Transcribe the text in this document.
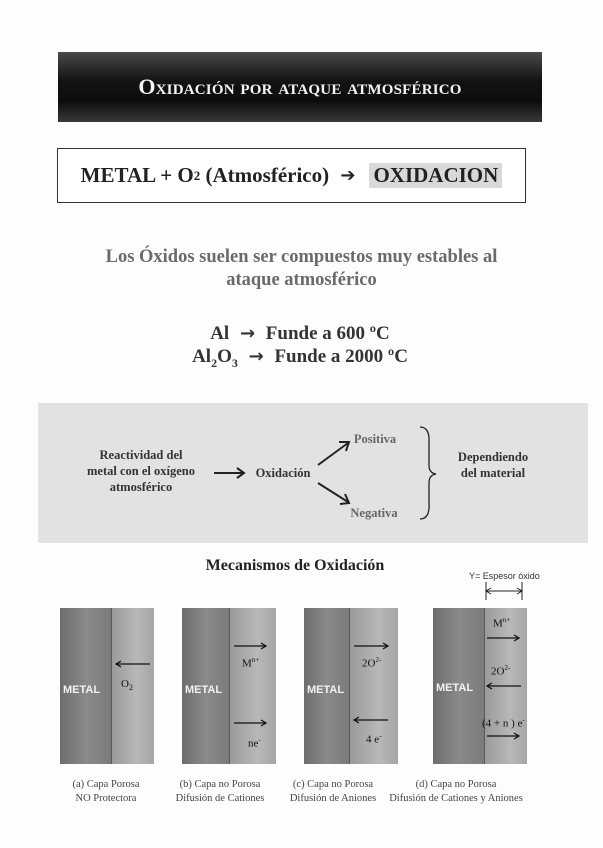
Oxidación por ataque atmosférico
METAL + O 2 (Atmosférico) ➔ OXIDACION
Los Óxidos suelen ser compuestos muy estables al
ataque atmosférico
Al → Funde a 600 ºC
$Al_2O_3$ → Funde a 2000 ºC
Reactividad del
metal con el oxígeno
atmosférico
Oxidación
Positiva
Negativa
Dependiendo
del material
Mecanismos de Oxidación
Y= Espesor óxido
METAL $O_2$	METAL
$M^{n+}$
ne-
METAL
$2O^{2-}$
4 e-
METAL
$M^{n+}$
$2O^{2-}$
(4 + n ) e-
(a) Capa Porosa
NO Protectora
(b) Capa no Porosa
Difusión de Cationes
(c) Capa no Porosa
Difusión de Aniones
(d) Capa no Porosa
Difusión de Cationes y Aniones
